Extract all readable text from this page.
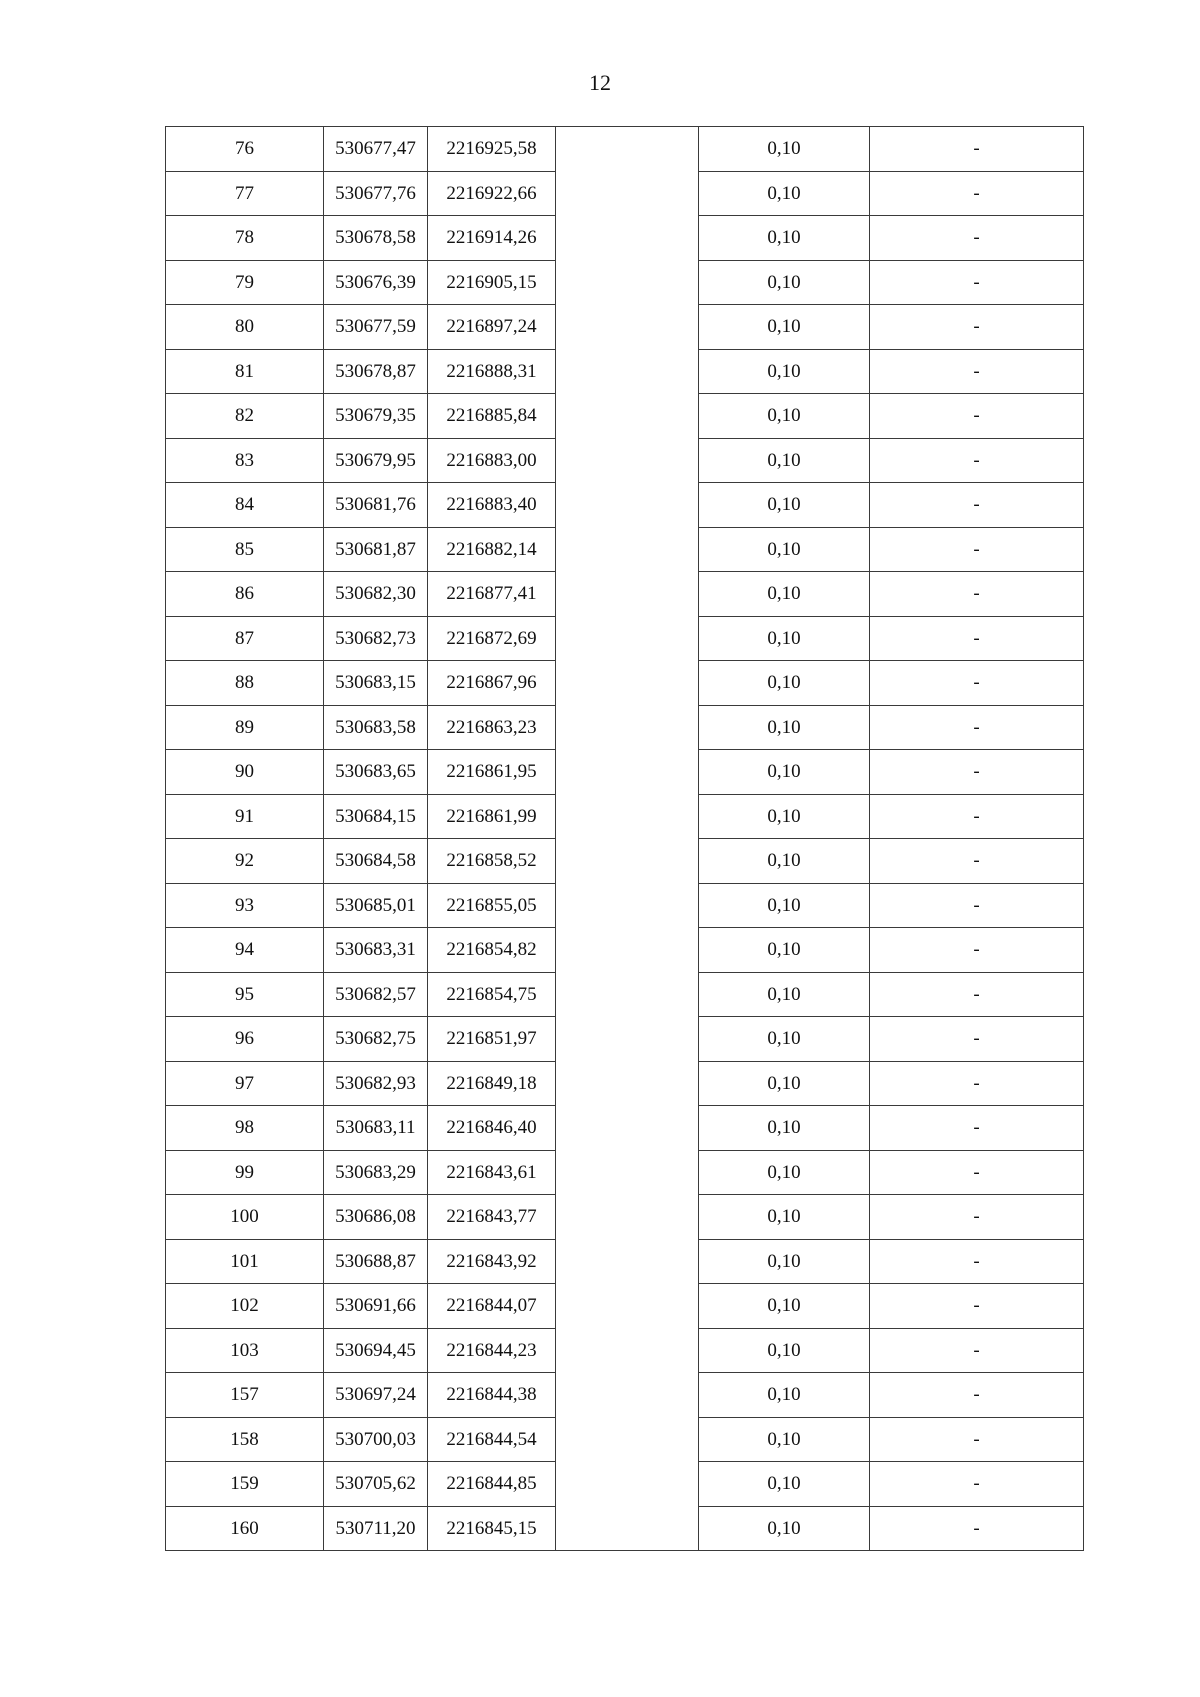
12
76	530677,47	2216925,58		0,10	-
77	530677,76	2216922,66		0,10	-
78	530678,58	2216914,26		0,10	-
79	530676,39	2216905,15		0,10	-
80	530677,59	2216897,24		0,10	-
81	530678,87	2216888,31		0,10	-
82	530679,35	2216885,84		0,10	-
83	530679,95	2216883,00		0,10	-
84	530681,76	2216883,40		0,10	-
85	530681,87	2216882,14		0,10	-
86	530682,30	2216877,41		0,10	-
87	530682,73	2216872,69		0,10	-
88	530683,15	2216867,96		0,10	-
89	530683,58	2216863,23		0,10	-
90	530683,65	2216861,95		0,10	-
91	530684,15	2216861,99		0,10	-
92	530684,58	2216858,52		0,10	-
93	530685,01	2216855,05		0,10	-
94	530683,31	2216854,82		0,10	-
95	530682,57	2216854,75		0,10	-
96	530682,75	2216851,97		0,10	-
97	530682,93	2216849,18		0,10	-
98	530683,11	2216846,40		0,10	-
99	530683,29	2216843,61		0,10	-
100	530686,08	2216843,77		0,10	-
101	530688,87	2216843,92		0,10	-
102	530691,66	2216844,07		0,10	-
103	530694,45	2216844,23		0,10	-
157	530697,24	2216844,38		0,10	-
158	530700,03	2216844,54		0,10	-
159	530705,62	2216844,85		0,10	-
160	530711,20	2216845,15		0,10	-
